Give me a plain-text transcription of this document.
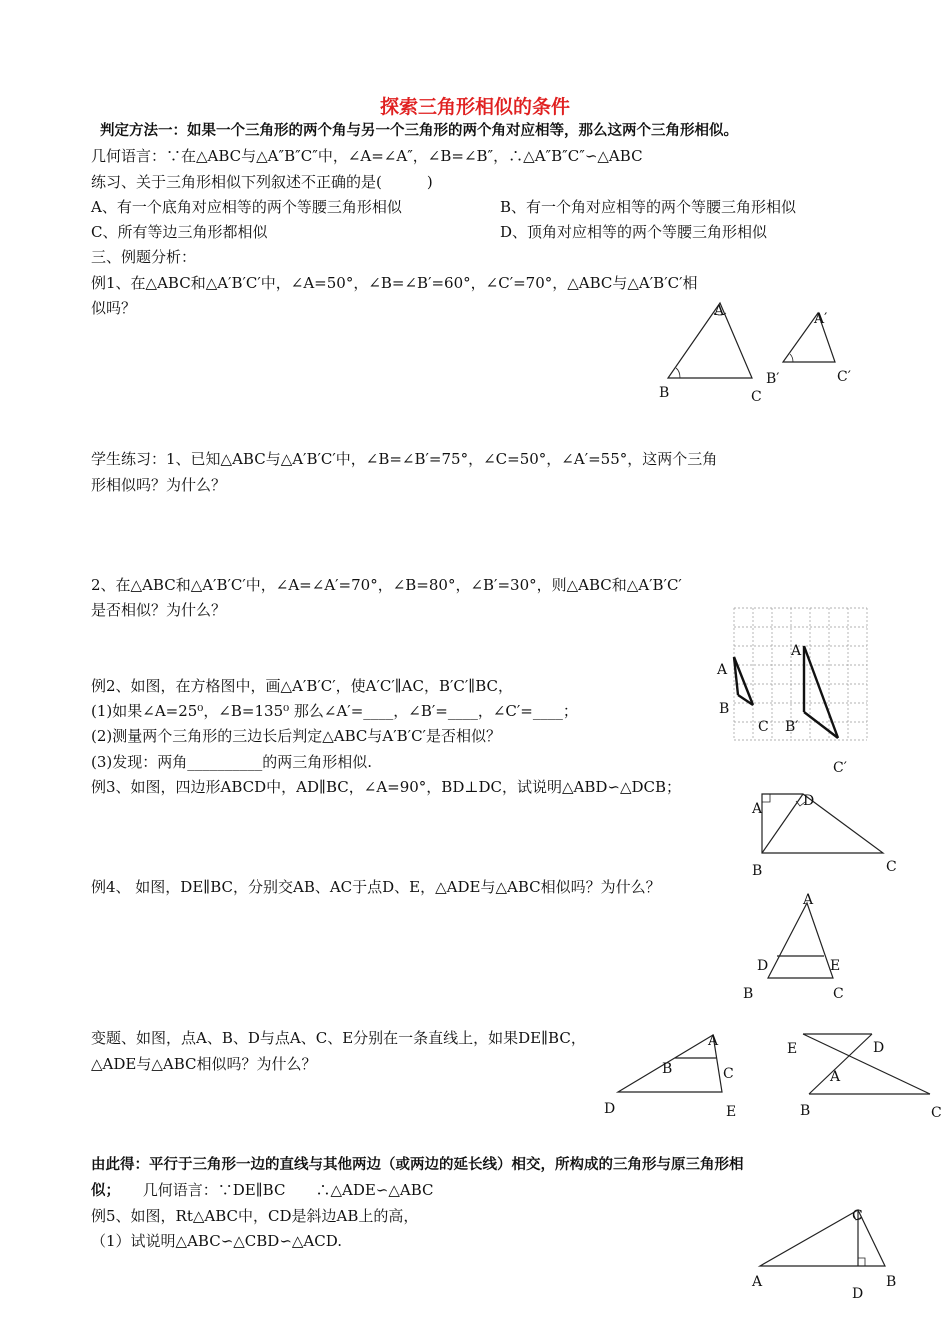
探索三角形相似的条件
判定方法一：如果一个三角形的两个角与另一个三角形的两个角对应相等，那么这两个三角形相似。
几何语言：∵在△ABC与△A″B″C″中，∠A=∠A″，∠B=∠B″，∴△A″B″C″∽△ABC
练习、关于三角形相似下列叙述不正确的是(　　　)
A、有一个底角对应相等的两个等腰三角形相似	B、有一个角对应相等的两个等腰三角形相似
C、所有等边三角形都相似	D、顶角对应相等的两个等腰三角形相似
三、例题分析：
例1、在△ABC和△A′B′C′中，∠A=50°，∠B=∠B′=60°，∠C′=70°，△ABC与△A′B′C′相
似吗？	A
B	C
A′
B′	C′
学生练习：1、已知△ABC与△A′B′C′中，∠B=∠B′=75°，∠C=50°，∠A′=55°，这两个三角
形相似吗？为什么？
2、在△ABC和△A′B′C′中，∠A=∠A′=70°，∠B=80°，∠B′=30°，则△ABC和△A′B′C′
是否相似？为什么？
A
B
C
A
B′
C′
例2、如图，在方格图中，画△A′B′C′，使A′C′∥AC，B′C′∥BC，
(1)如果∠A=25⁰，∠B=135⁰ 那么∠A′=____，∠B′=____，∠C′=____；
(2)测量两个三角形的三边长后判定△ABC与A′B′C′是否相似？
(3)发现：两角__________的两三角形相似.
例3、如图，四边形ABCD中，AD∥BC，∠A=90°，BD⊥DC，试说明△ABD∽△DCB；
A	D
B	C
例4、 如图，DE∥BC，分别交AB、AC于点D、E，△ADE与△ABC相似吗？为什么？
A
D	E
B	C
变题、如图，点A、B、D与点A、C、E分别在一条直线上，如果DE∥BC，
△ADE与△ABC相似吗？为什么？
A
B	C
D	E
E	D
A
B	C
由此得：平行于三角形一边的直线与其他两边（或两边的延长线）相交，所构成的三角形与原三角形相
似； 几何语言：∵DE∥BC　　∴△ADE∽△ABC
例5、如图，Rt△ABC中，CD是斜边AB上的高，
（1）试说明△ABC∽△CBD∽△ACD.
C
A	B
D
